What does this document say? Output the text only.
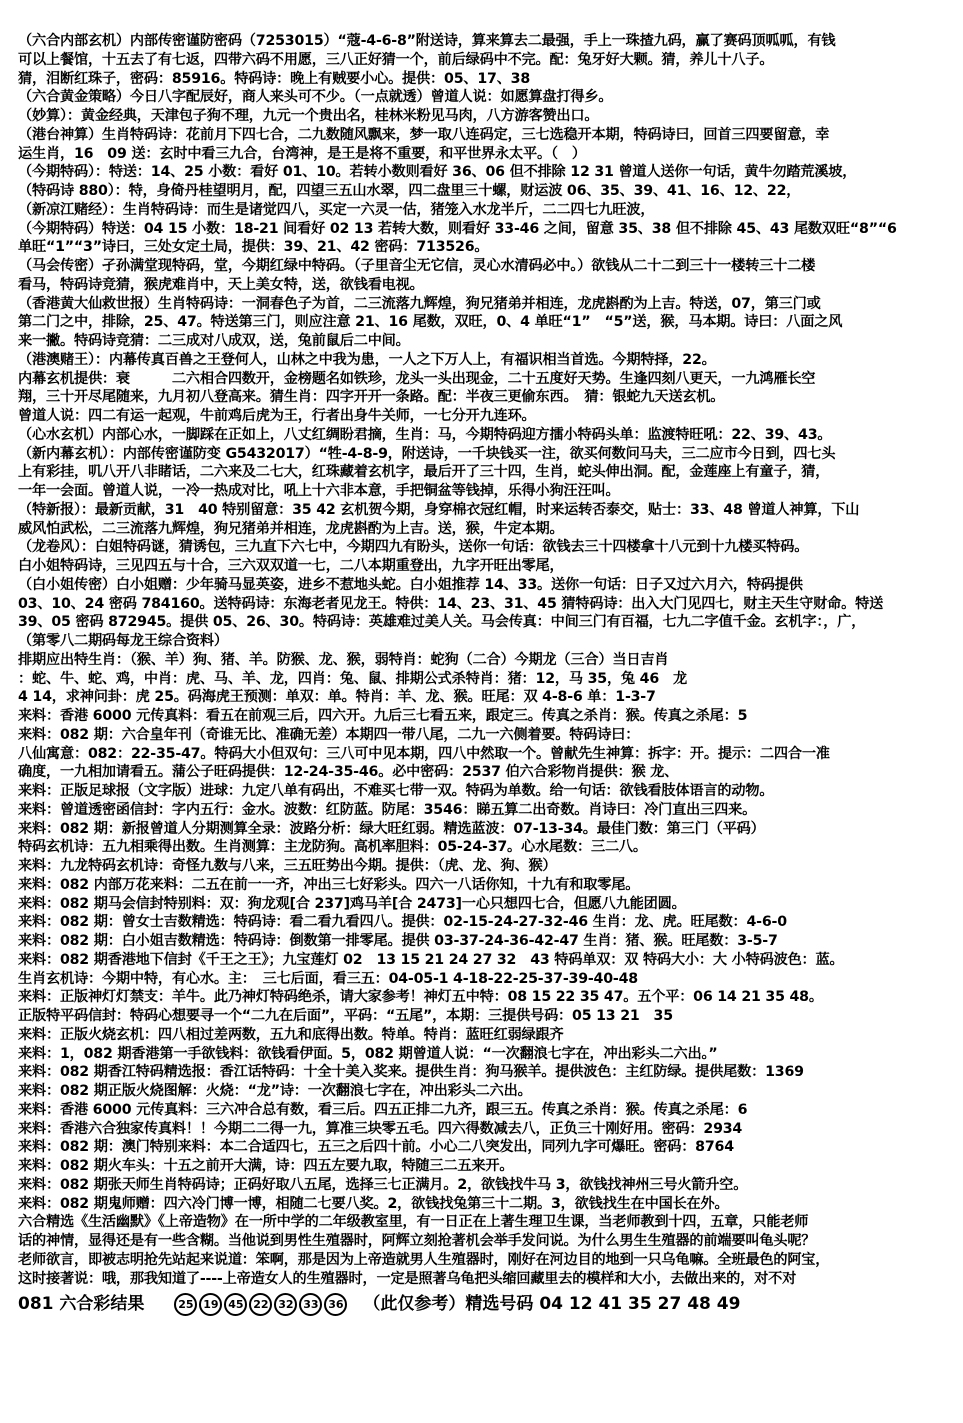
（六合内部玄机）内部传密谨防密码（7253015）“蔻-4-6-8”附送诗，算来算去二最强，手上一珠揸九码，赢了赛码顶呱呱，有钱
可以上餐馆，十五去了有七返，四带六码不用愿，三八正好猜一个，前后绿码中不完。配：兔牙好大颗。猜，养儿十八子。
猜，泪断红珠子，密码：85916。特码诗：晚上有贼要小心。提供：05、17、38
（六合黄金策略）今日八字配辰好，商人来头可不少。（一点就透）曾道人说：如愿算盘打得乡。
（妙算）：黄金经典，天津包子狗不理，九元一个贵出名，桂林米粉见马肉，八方游客赞出口。
（港台神算）生肖特码诗：花前月下四七合，二九数随风飘来，梦一取八连码定，三七选稳开本期，特码诗曰，回首三四要留意，幸
运生肖，16　09 送：玄时中看三九合，台湾神，是王是将不重要，和平世界永太平。（　）
（今期特码）：特送：14、25 小数：看好 01、10。若转小数则看好 36、06 但不排除 12 31 曾道人送你一句话，黄牛勿踏荒溪坡，
（特码诗 880）：特，身倚丹桂望明月，配，四望三五山水翠，四二盘里三十螺，财运波 06、35、39、41、16、12、22，
（新凉江赌经）：生肖特码诗：而生是诸觉四八，买定一六灵一估，猪笼入水龙半斤，二二四七九旺波，
（今期特码）特送：04 15 小数：18-21 间看好 02 13 若转大数，则看好 33-46 之间，留意 35、38 但不排除 45、43 尾数双旺“8”“6
单旺“1”“3”诗曰，三处女定土局，提供：39、21、42 密码：713526。
（马会传密）孑孙满堂现特码，堂，今期红绿中特码。（子里音尘无它信，灵心水清码必中。）欲钱从二十二到三十一楼转三十二楼
看马，特码诗竞猜，猴虎难肖中，天上美女特，送，欲钱看电视。
（香港黄大仙救世报）生肖特码诗：一洞春色子为首，二三流落九辉煌，狗兄猪弟并相连，龙虎斟酌为上吉。特送，07，第三门或
第二门之中，排除，25、47。特送第三门，则应注意 21、16 尾数，双旺，0、4 单旺“1”　“5”送，猴，马本期。诗曰：八面之风
来一撇。特码诗竞猜：二三成对八成双，送，兔前鼠后二中间。
（港澳赌王）：内幕传真百兽之王登何人，山林之中我为患，一人之下万人上，有福识相当首选。今期特择，22。
内幕玄机提供：衰　　　二六相合四数开，金榜题名如铁珍，龙头一头出现金，二十五度好天势。生逢四刻八更天，一九鸿雁长空
翔，三十开尽尾随来，九月初八登高来。猜生肖：四字开开一条路。配：半夜三更偷东西。　猜：银蛇九天送玄机。
曾道人说：四二有运一起观，牛前鸡后虎为王，行者出身牛关师，一七分开九连环。
（心水玄机）内部心水，一脚踩在正如上，八丈红绸盼君摘，生肖：马，今期特码迎方擂小特码头单：监渡特旺吼：22、39、43。
（新内幕玄机）：内部传密谨防变 G5432017）“牲-4-8-9，附送诗，一千块钱买一注，欲买何数问马夫，三二应市今日到，四七头
上有彩挂，叽八开八非睹话，二六来及二七大，红珠藏着玄机字，最后开了三十四，生肖，蛇头伸出洞。配，金莲座上有童子，猜，
一年一会面。曾道人说，一冷一热成对比，吼上十六非本意，手把铜盆等钱掉，乐得小狗汪汪叫。
（特新报）：最新贡献，31　40 特别留意：35 42 玄机贺今期，身穿棉衣冠红帽，时来运转否泰交，贴士：33、48 曾道人神算，下山
威风怕武松，二三流落九辉煌，狗兄猪弟并相连，龙虎斟酌为上吉。送，猴，牛定本期。
（龙卷风）：白姐特码谜，猜诱包，三九直下六七中，今期四九有盼头，送你一句话：欲钱去三十四楼拿十八元到十九楼买特码。
白小姐特码诗，三见四五与十合，三六双双道一七，二八本期重登出，九字开旺出零尾，
（白小姐传密）白小姐赠：少年骑马显英姿，进乡不惹地头蛇。白小姐推荐 14、33。送你一句话：日子又过六月六，特码提供
03、10、24 密码 784160。送特码诗：东海老者见龙王。特供：14、23、31、45 猜特码诗：出入大门见四七，财主天生守财命。特送
39、05 密码 872945。提供 05、26、30。特码诗：英雄难过美人关。马会传真：中间三门有百福，七九二字值千金。玄机字：，广，
（第零八二期码每龙王综合资料）
排期应出特生肖：（猴、羊）狗、猪、羊。防猴、龙、猴，弱特肖：蛇狗（二合）今期龙（三合）当日吉肖
：蛇、牛、蛇、鸡，中肖：虎、马、羊、龙，四肖：兔、鼠、排期公式杀特肖：猪：12，马 35，兔 46　龙
4 14，求神问卦：虎 25。码海虎王预测：单双：单。特肖：羊、龙、猴。旺尾：双 4-8-6 单：1-3-7
来料：香港 6000 元传真料：看五在前观三后，四六开。九后三七看五来，跟定三。传真之杀肖：猴。传真之杀尾：5
来料：082 期：六合皇年刊（奇谁无比、准确无差）本期四一带八尾，二九一六侧着要。特码诗曰：
八仙寓意：082：22-35-47。特码大小但双句：三八可中见本期，四八中然取一个。曾献先生神算：拆字：开。提示：二四合一准
确度，一九相加请看五。蒲公子旺码提供：12-24-35-46。必中密码：2537 伯六合彩物肖提供：猴 龙、
来料：正版足球报（文字版）进球：九定八单有码出，不难买七带一双。特码为单数。给一句话：欲钱看肢体语言的动物。
来料：曾道透密函信封：字内五行：金水。波数：红防蓝。防尾：3546：睇五算二出奇数。肖诗曰：冷门直出三四来。
来料：082 期：新报曾道人分期测算全录：波路分析：绿大旺红弱。精选蓝波：07-13-34。最佳门数：第三门（平码）
特码玄机诗：五九相乘得出数。生肖测算：主龙防狗。高机率胆料：05-24-37。心水尾数：三二八。
来料：九龙特码玄机诗：奇怪九数与八来，三五旺势出今期。提供：（虎、龙、狗、猴）
来料：082 内部万花来料：二五在前一一齐，冲出三七好彩头。四六一八话你知，十九有和取零尾。
来料：082 期马会信封特别料：双：狗龙观[合 237]鸡马羊[合 2473]一心只想四七合，但愿八九能团圆。
来料：082 期：曾女士吉数精选：特码诗：看二看九看四八。提供：02-15-24-27-32-46 生肖：龙、虎。旺尾数：4-6-0
来料：082 期：白小姐吉数精选：特码诗：倒数第一排零尾。提供 03-37-24-36-42-47 生肖：猪、猴。旺尾数：3-5-7
来料：082 期香港地下信封《千王之王》；九宝莲灯 02　13 15 21 24 27 32　43 特码单双：双 特码大小：大 小特码波色：蓝。
生肖玄机诗：今期中特，有心水。主：　三七后面，看三五：04-05-1 4-18-22-25-37-39-40-48
来料：正版神灯灯禁支：羊牛。此乃神灯特码绝杀，请大家参考！神灯五中特：08 15 22 35 47。五个平：06 14 21 35 48。
正版特平码信封：特码心想要寻一个“二九在后面”，平码：“五尾”，本期：三提供号码：05 13 21　35
来料：正版火烧玄机：四八相过差两数，五九和底得出数。特单。特肖：蓝旺红弱绿跟齐
来料：1，082 期香港第一手欲钱料：欲钱看伊面。5，082 期曾道人说：“一次翻浪七字在，冲出彩头二六出。”
来料：082 期香江特码精选报：香江话特码：十全十美入奖来。提供生肖：狗马猴羊。提供波色：主红防绿。提供尾数：1369
来料：082 期正版火烧图解：火烧：“龙”诗：一次翻浪七字在，冲出彩头二六出。
来料：香港 6000 元传真料：三六冲合总有数，看三后。四五正排二九齐，跟三五。传真之杀肖：猴。传真之杀尾：6
来料：香港六合独家传真料！！今期二二得一九，算准三块零五毛。四六得数减去八，正负三十刚好用。密码：2934
来料：082 期：澳门特别来料：本二合适四七，五三之后四十前。小心二八突发出，同列九字可爆旺。密码：8764
来料：082 期火车头：十五之前开大满，诗：四五左要九取，特随三二五来开。
来料：082 期张天师生肖特码诗；正码好取八五尾，选择三七正满月。2，欲钱找牛马 3，欲钱找神州三号火箭升空。
来料：082 期鬼师赠：四六冷门博一博，相随二七要八奖。2，欲钱找兔第三十二期。3，欲钱找生在中国长在外。
六合精选《生活幽默》《上帝造物》在一所中学的二年级教室里，有一日正在上著生理卫生课，当老师教到十四，五章，只能老师
话的神情，显得还是有一些含糊。当他说到男性生殖器时，阿辉立刻抢著机会举手发问说。为什么男生生殖器的前端要叫龟头呢？
老师欲言，即被志明抢先站起来说道：笨啊，那是因为上帝造就男人生殖器时，刚好在河边目的地到一只乌龟嘛。全班最色的阿宝，
这时接著说：哦，那我知道了----上帝造女人的生殖器时，一定是照著乌龟把头缩回藏里去的模样和大小，去做出来的，对不对
081 六合彩结果	25 19 45 22 32 33 36 （此仅参考）精选号码 04 12 41 35 27 48 49
